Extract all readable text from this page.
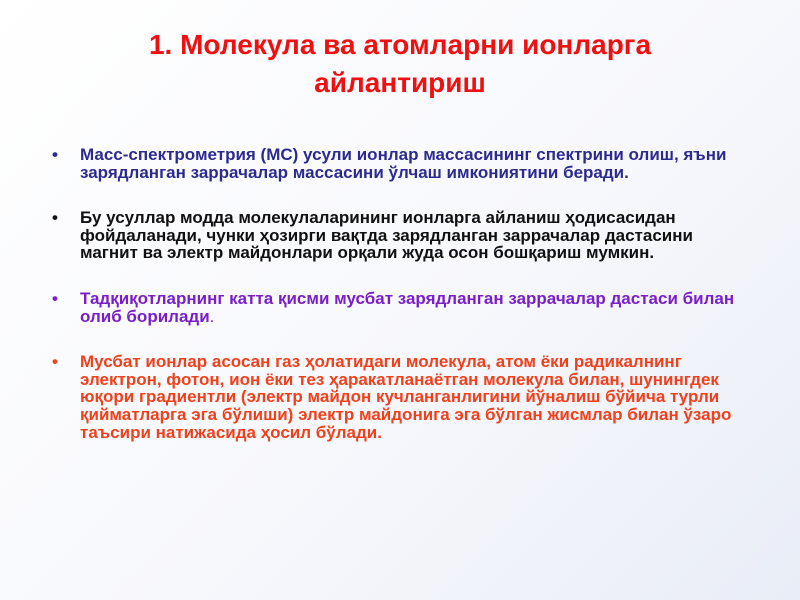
1. Молекула ва атомларни ионларга айлантириш
• Масс-спектрометрия (МС) усули ионлар массасининг спектрини олиш, яъни зарядланган заррачалар массасини ўлчаш имкониятини беради.
• Бу усуллар модда молекулаларининг ионларга айланиш ҳодисасидан фойдаланади, чунки ҳозирги вақтда зарядланган заррачалар дастасини магнит ва электр майдонлари орқали жуда осон бошқариш мумкин.
• Тадқиқотларнинг катта қисми мусбат зарядланган заррачалар дастаси билан олиб борилади.
• Мусбат ионлар асосан газ ҳолатидаги молекула, атом ёки радикалнинг электрон, фотон, ион ёки тез ҳаракатланаётган молекула билан, шунингдек юқори градиентли (электр майдон кучланганлигини йўналиш бўйича турли қийматларга эга бўлиши) электр майдонига эга бўлган жисмлар билан ўзаро таъсири натижасида ҳосил бўлади.
